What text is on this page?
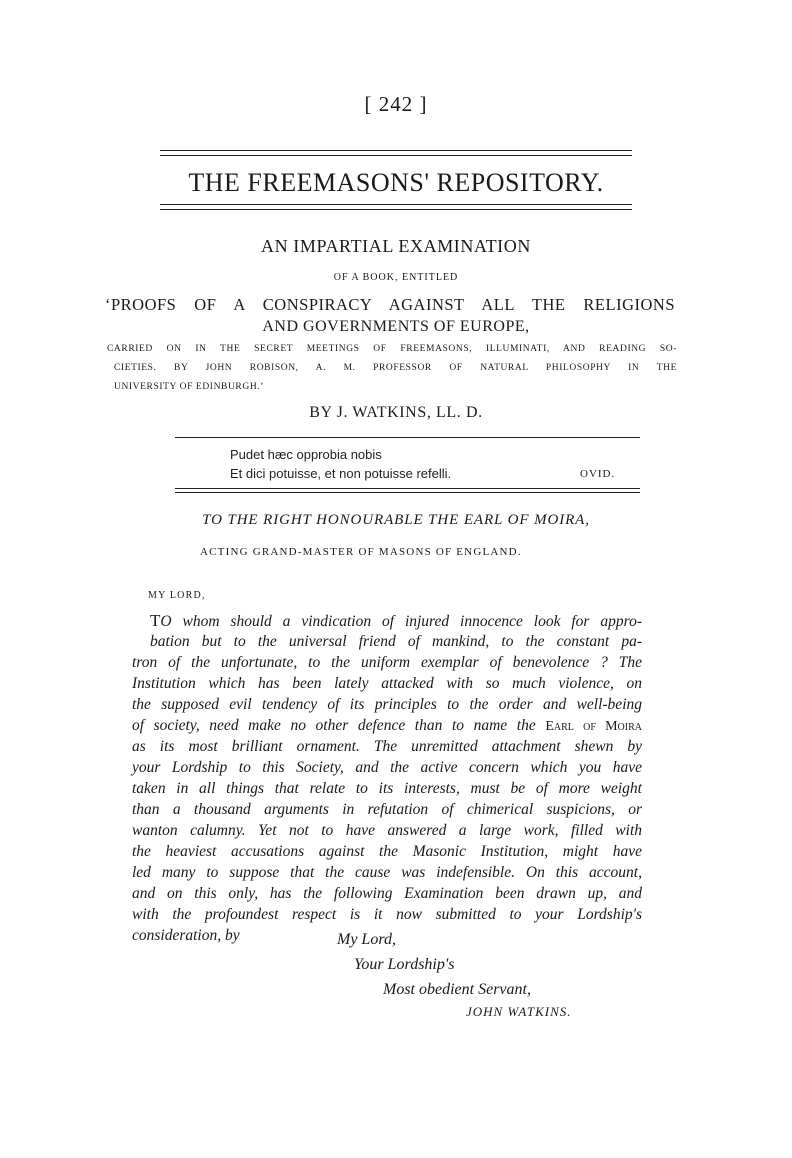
[ 242 ]
THE FREEMASONS' REPOSITORY.
AN IMPARTIAL EXAMINATION
OF A BOOK, ENTITLED
‘PROOFS OF A CONSPIRACY AGAINST ALL THE RELIGIONS
AND GOVERNMENTS OF EUROPE,
CARRIED ON IN THE SECRET MEETINGS OF FREEMASONS, ILLUMINATI, AND READING SO-
CIETIES. BY JOHN ROBISON, A. M. PROFESSOR OF NATURAL PHILOSOPHY IN THE
UNIVERSITY OF EDINBURGH.’
BY J. WATKINS, LL. D.
Pudet hæc opprobia nobis
Et dici potuisse, et non potuisse refelli.	OVID.
TO THE RIGHT HONOURABLE THE EARL OF MOIRA,
ACTING GRAND-MASTER OF MASONS OF ENGLAND.
MY LORD,
TO whom should a vindication of injured innocence look for appro-
bation but to the universal friend of mankind, to the constant pa-
tron of the unfortunate, to the uniform exemplar of benevolence ? The
Institution which has been lately attacked with so much violence, on
the supposed evil tendency of its principles to the order and well-being
of society, need make no other defence than to name the Earl of Moira
as its most brilliant ornament. The unremitted attachment shewn by
your Lordship to this Society, and the active concern which you have
taken in all things that relate to its interests, must be of more weight
than a thousand arguments in refutation of chimerical suspicions, or
wanton calumny. Yet not to have answered a large work, filled with
the heaviest accusations against the Masonic Institution, might have
led many to suppose that the cause was indefensible. On this account,
and on this only, has the following Examination been drawn up, and
with the profoundest respect is it now submitted to your Lordship's
consideration, by	My Lord,
Your Lordship's
Most obedient Servant,
JOHN WATKINS.
